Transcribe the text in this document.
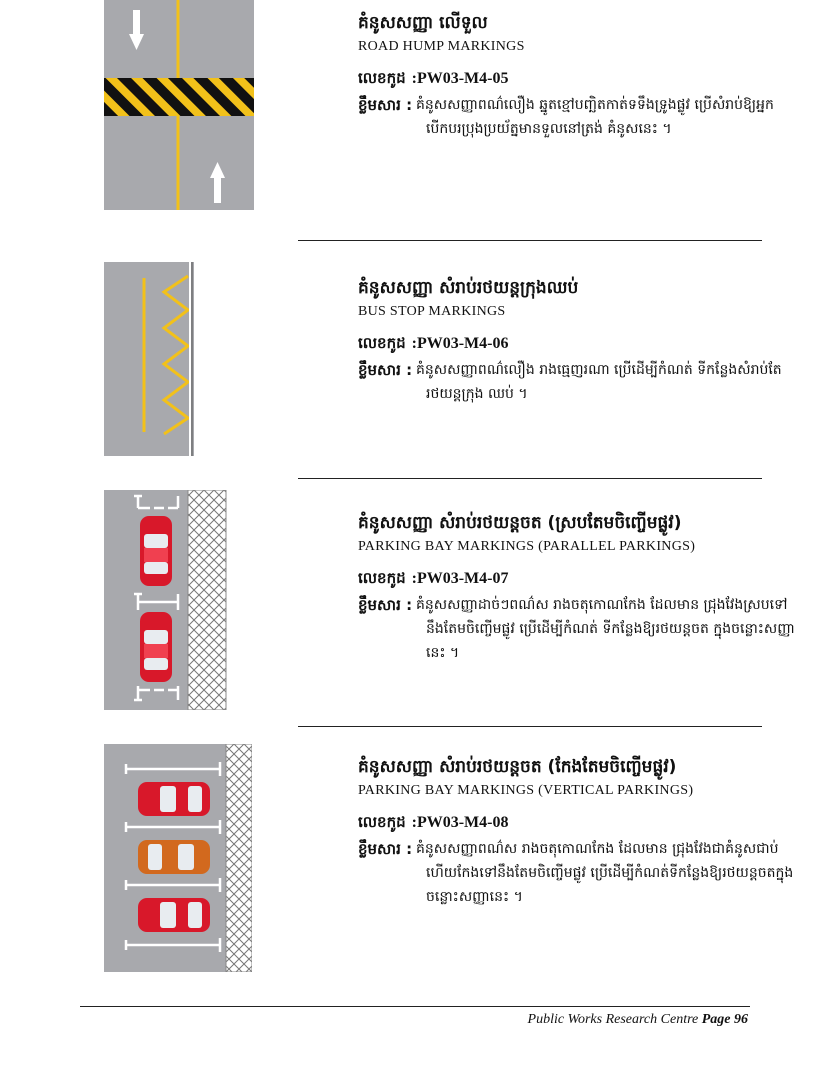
គំនូសសញ្ញា លើទួល
ROAD HUMP MARKINGS
លេខកូដ :PW03-M4-05
ខ្លឹមសារ : គំនូសសញ្ញាពណ៌លឿង ឆ្នូតខ្មៅបញ្ឆិតកាត់ទទឹងទ្រូងផ្លូវ ប្រើសំរាប់ឱ្យអ្នកបើកបរប្រុងប្រយ័ត្នមានទួលនៅត្រង់ គំនូសនេះ ។
គំនូសសញ្ញា សំរាប់រថយន្តក្រុងឈប់
BUS STOP MARKINGS
លេខកូដ :PW03-M4-06
ខ្លឹមសារ : គំនូសសញ្ញាពណ៌លឿង រាងធ្មេញរណា ប្រើដើម្បីកំណត់ ទីកន្លែងសំរាប់តែរថយន្តក្រុង ឈប់ ។
គំនូសសញ្ញា សំរាប់រថយន្តចត (ស្របតែមចិញ្ចើមផ្លូវ)
PARKING BAY MARKINGS (PARALLEL PARKINGS)
លេខកូដ :PW03-M4-07
ខ្លឹមសារ : គំនូសសញ្ញាដាច់ៗពណ៌ស រាងចតុកោណកែង ដែលមាន ជ្រុងវែងស្របទៅនឹងតែមចិញ្ចើមផ្លូវ ប្រើដើម្បីកំណត់ ទីកន្លែងឱ្យរថយន្តចត ក្នុងចន្លោះសញ្ញានេះ ។
គំនូសសញ្ញា សំរាប់រថយន្តចត (កែងតែមចិញ្ចើមផ្លូវ)
PARKING BAY MARKINGS (VERTICAL PARKINGS)
លេខកូដ :PW03-M4-08
ខ្លឹមសារ : គំនូសសញ្ញាពណ៌ស រាងចតុកោណកែង ដែលមាន ជ្រុងវែងជាគំនូសជាប់ ហើយកែងទៅនឹងតែមចិញ្ចើមផ្លូវ ប្រើដើម្បីកំណត់ទីកន្លែងឱ្យរថយន្តចតក្នុងចន្លោះសញ្ញានេះ ។
Public Works Research Centre Page 96
